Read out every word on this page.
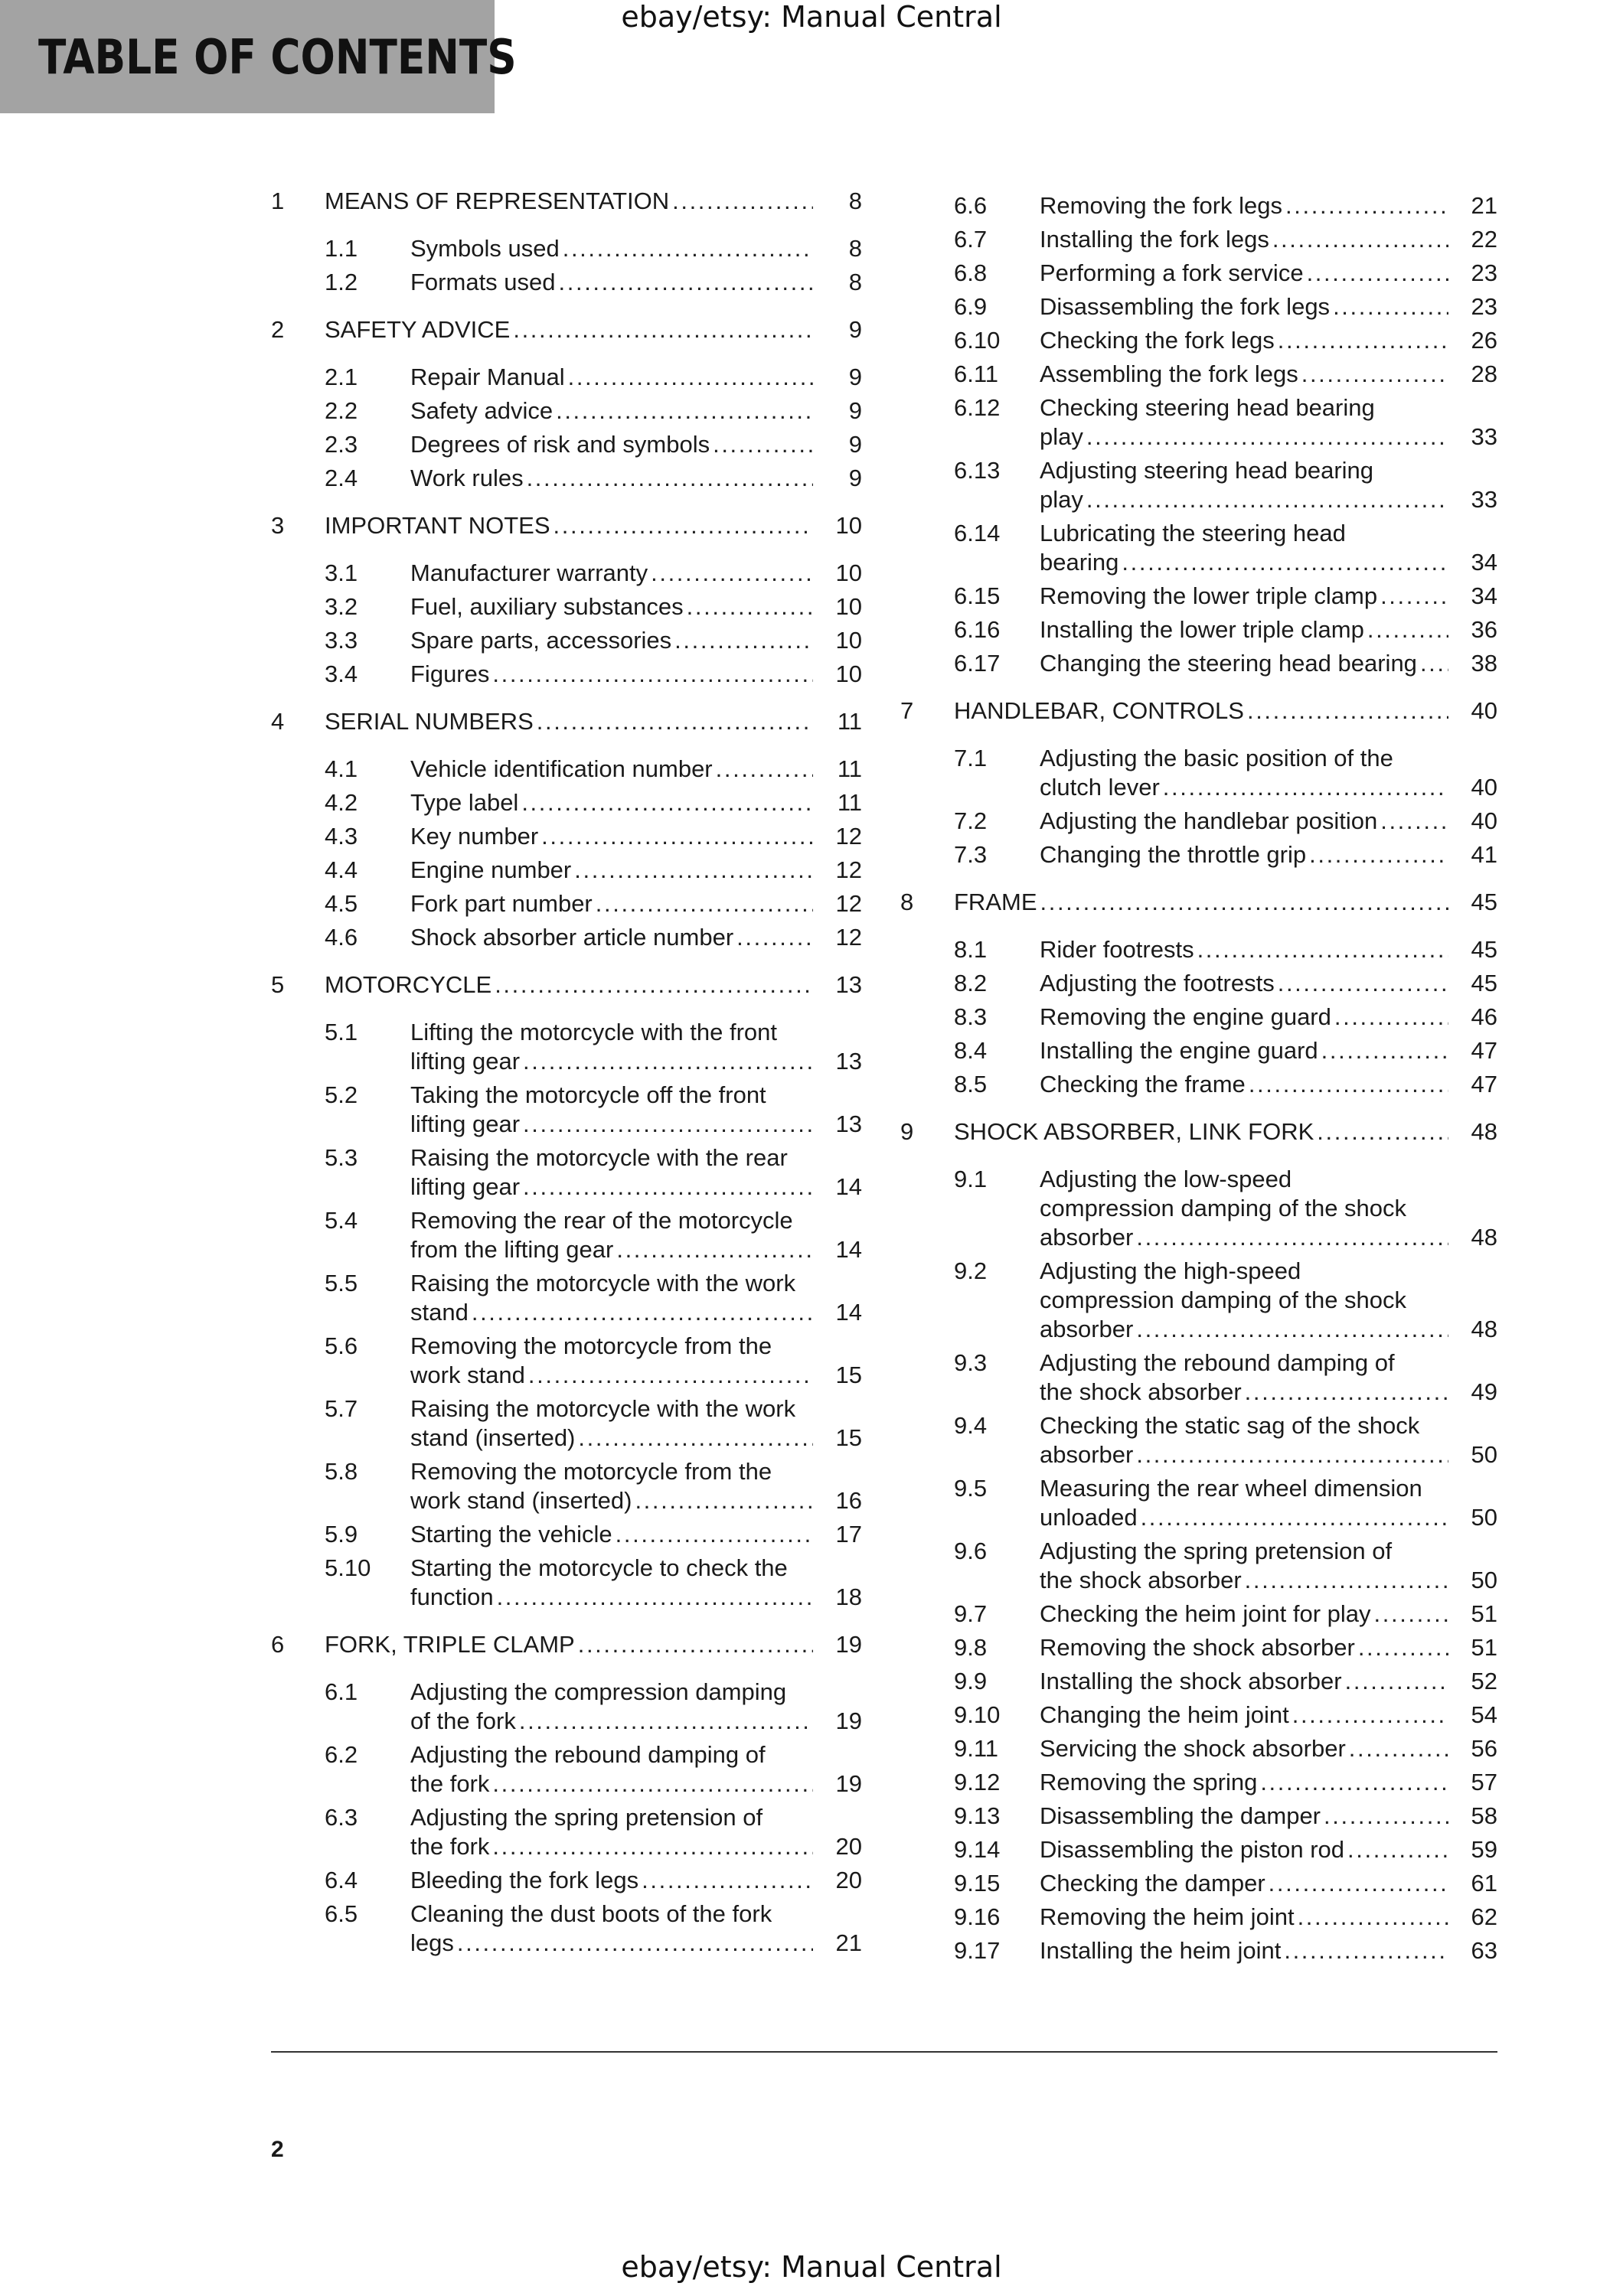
ebay/etsy: Manual Central
TABLE OF CONTENTS
1 MEANS OF REPRESENTATION . . .	8
1.1 Symbols used . . .	8
1.2 Formats used . . .	8
2 SAFETY ADVICE . . .	9
2.1 Repair Manual . . .	9
2.2 Safety advice . . .	9
2.3 Degrees of risk and symbols . . .	9
2.4 Work rules . . .	9
3 IMPORTANT NOTES . . .	10
3.1 Manufacturer warranty . . .	10
3.2 Fuel, auxiliary substances . . .	10
3.3 Spare parts, accessories . . .	10
3.4 Figures . . .	10
4 SERIAL NUMBERS . . .	11
4.1 Vehicle identification number . . .	11
4.2 Type label . . .	11
4.3 Key number . . .	12
4.4 Engine number . . .	12
4.5 Fork part number . . .	12
4.6 Shock absorber article number . . .	12
5 MOTORCYCLE . . .	13
5.1 Lifting the motorcycle with the front
lifting gear . . .	13
5.2 Taking the motorcycle off the front
lifting gear . . .	13
5.3 Raising the motorcycle with the rear
lifting gear . . .	14
5.4 Removing the rear of the motorcycle
from the lifting gear . . .	14
5.5 Raising the motorcycle with the work
stand . . .	14
5.6 Removing the motorcycle from the
work stand . . .	15
5.7 Raising the motorcycle with the work
stand (inserted) . . .	15
5.8 Removing the motorcycle from the
work stand (inserted) . . .	16
5.9 Starting the vehicle . . .	17
5.10 Starting the motorcycle to check the
function . . .	18
6 FORK, TRIPLE CLAMP . . .	19
6.1 Adjusting the compression damping
of the fork . . .	19
6.2 Adjusting the rebound damping of
the fork . . .	19
6.3 Adjusting the spring pretension of
the fork . . .	20
6.4 Bleeding the fork legs . . .	20
6.5 Cleaning the dust boots of the fork
legs . . .	21
6.6 Removing the fork legs . . .	21
6.7 Installing the fork legs . . .	22
6.8 Performing a fork service . . .	23
6.9 Disassembling the fork legs . . .	23
6.10 Checking the fork legs . . .	26
6.11 Assembling the fork legs . . .	28
6.12 Checking steering head bearing
play . . .	33
6.13 Adjusting steering head bearing
play . . .	33
6.14 Lubricating the steering head
bearing . . .	34
6.15 Removing the lower triple clamp . . .	34
6.16 Installing the lower triple clamp . . .	36
6.17 Changing the steering head bearing . . .	38
7 HANDLEBAR, CONTROLS . . .	40
7.1 Adjusting the basic position of the
clutch lever . . .	40
7.2 Adjusting the handlebar position . . .	40
7.3 Changing the throttle grip . . .	41
8 FRAME . . .	45
8.1 Rider footrests . . .	45
8.2 Adjusting the footrests . . .	45
8.3 Removing the engine guard . . .	46
8.4 Installing the engine guard . . .	47
8.5 Checking the frame . . .	47
9 SHOCK ABSORBER, LINK FORK . . .	48
9.1 Adjusting the low-speed
compression damping of the shock
absorber . . .	48
9.2 Adjusting the high-speed
compression damping of the shock
absorber . . .	48
9.3 Adjusting the rebound damping of
the shock absorber . . .	49
9.4 Checking the static sag of the shock
absorber . . .	50
9.5 Measuring the rear wheel dimension
unloaded . . .	50
9.6 Adjusting the spring pretension of
the shock absorber . . .	50
9.7 Checking the heim joint for play . . .	51
9.8 Removing the shock absorber . . .	51
9.9 Installing the shock absorber . . .	52
9.10 Changing the heim joint . . .	54
9.11 Servicing the shock absorber . . .	56
9.12 Removing the spring . . .	57
9.13 Disassembling the damper . . .	58
9.14 Disassembling the piston rod . . .	59
9.15 Checking the damper . . .	61
9.16 Removing the heim joint . . .	62
9.17 Installing the heim joint . . .	63
2
ebay/etsy: Manual Central
